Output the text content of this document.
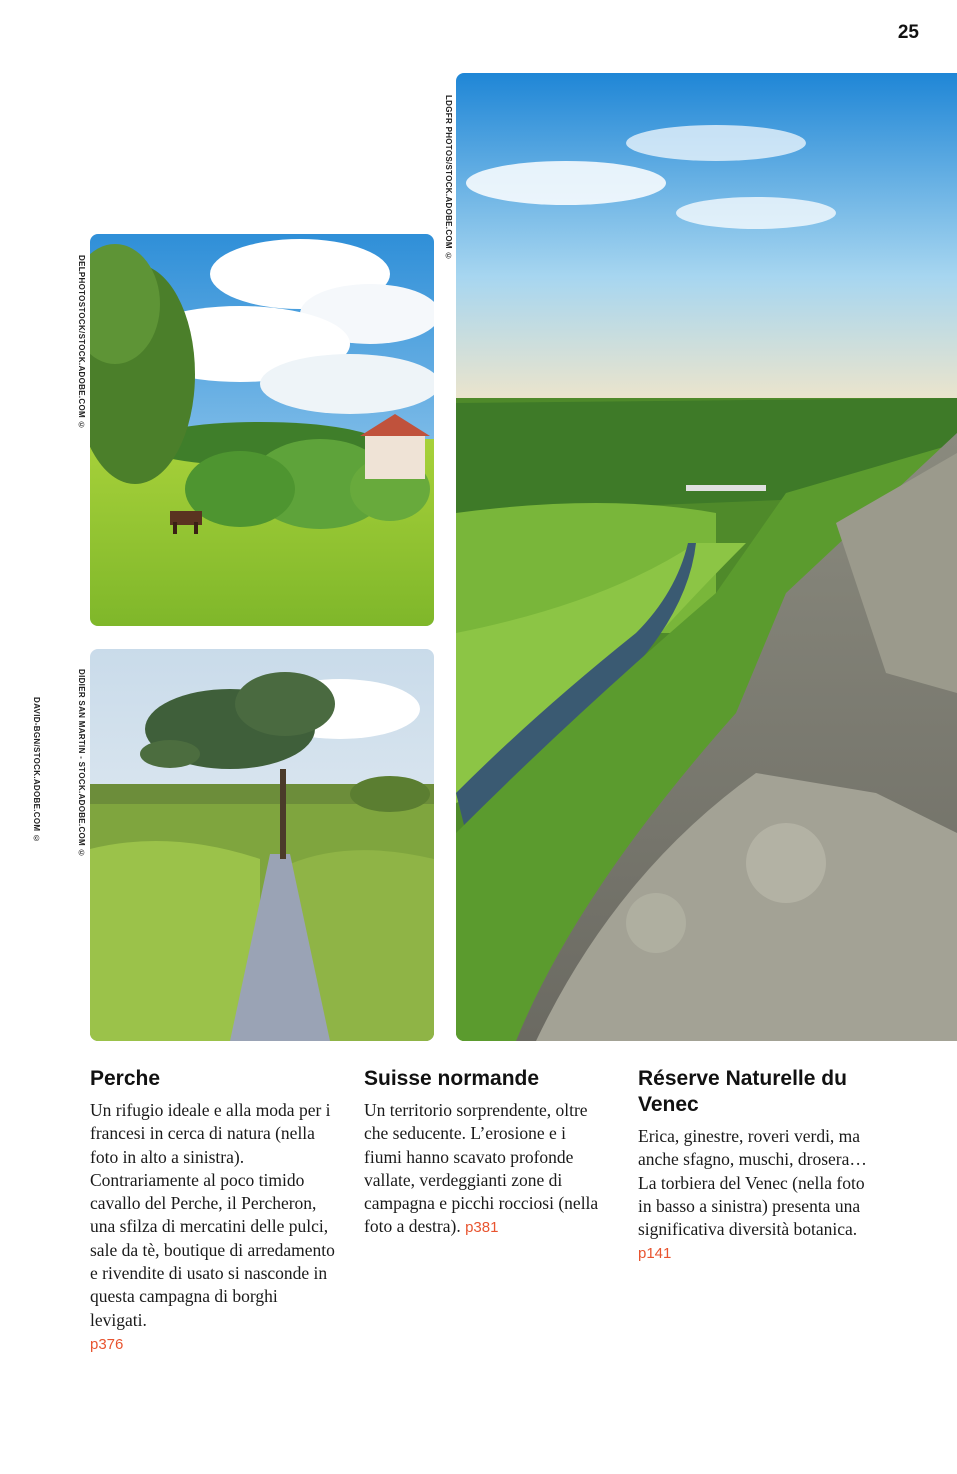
25
LDGFR PHOTOS/STOCK.ADOBE.COM ©
DELPHOTOSTOCK/STOCK.ADOBE.COM ©
DIDIER SAN MARTIN - STOCK.ADOBE.COM ©
DAVID-BGN/STOCK.ADOBE.COM ©
Perche

Un rifugio ideale e alla moda per i francesi in cerca di natura (nella foto in alto a sinistra). Contrariamente al poco timido cavallo del Perche, il Percheron, una sfilza di mercatini delle pulci, sale da tè, boutique di arredamento e rivendite di usato si nasconde in questa campagna di borghi levigati.
p376

Suisse normande

Un territorio sorprendente, oltre che seducente. L’erosione e i fiumi hanno scavato profonde vallate, verdeggianti zone di campagna e picchi rocciosi (nella foto a destra). p381

Réserve Naturelle du Venec

Erica, ginestre, roveri verdi, ma anche sfagno, muschi, drosera… La torbiera del Venec (nella foto in basso a sinistra) presenta una significativa diversità botanica. p141
